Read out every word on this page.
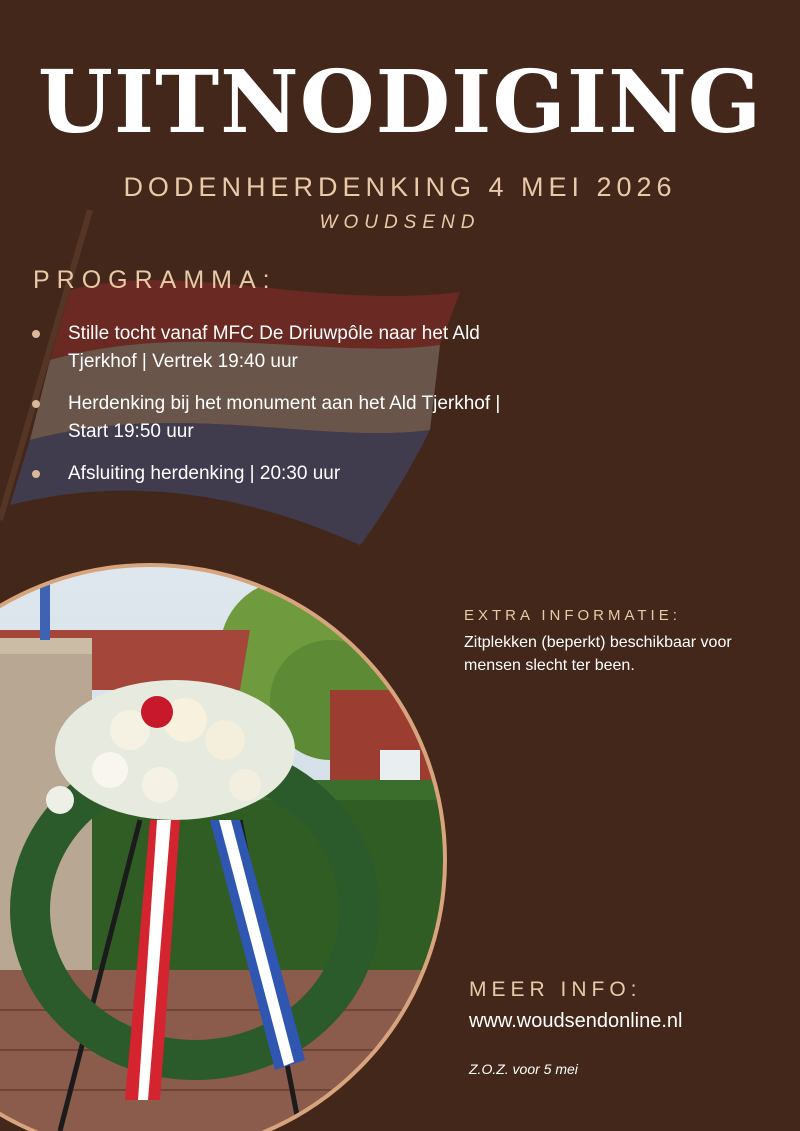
UITNODIGING
DODENHERDENKING 4 MEI 2026
WOUDSEND
PROGRAMMA:
Stille tocht vanaf MFC De Driuwpôle naar het Ald Tjerkhof | Vertrek 19:40 uur
Herdenking bij het monument aan het Ald Tjerkhof | Start 19:50 uur
Afsluiting herdenking | 20:30 uur
EXTRA INFORMATIE:
Zitplekken (beperkt) beschikbaar voor mensen slecht ter been.
MEER INFO:
www.woudsendonline.nl
Z.O.Z. voor 5 mei
